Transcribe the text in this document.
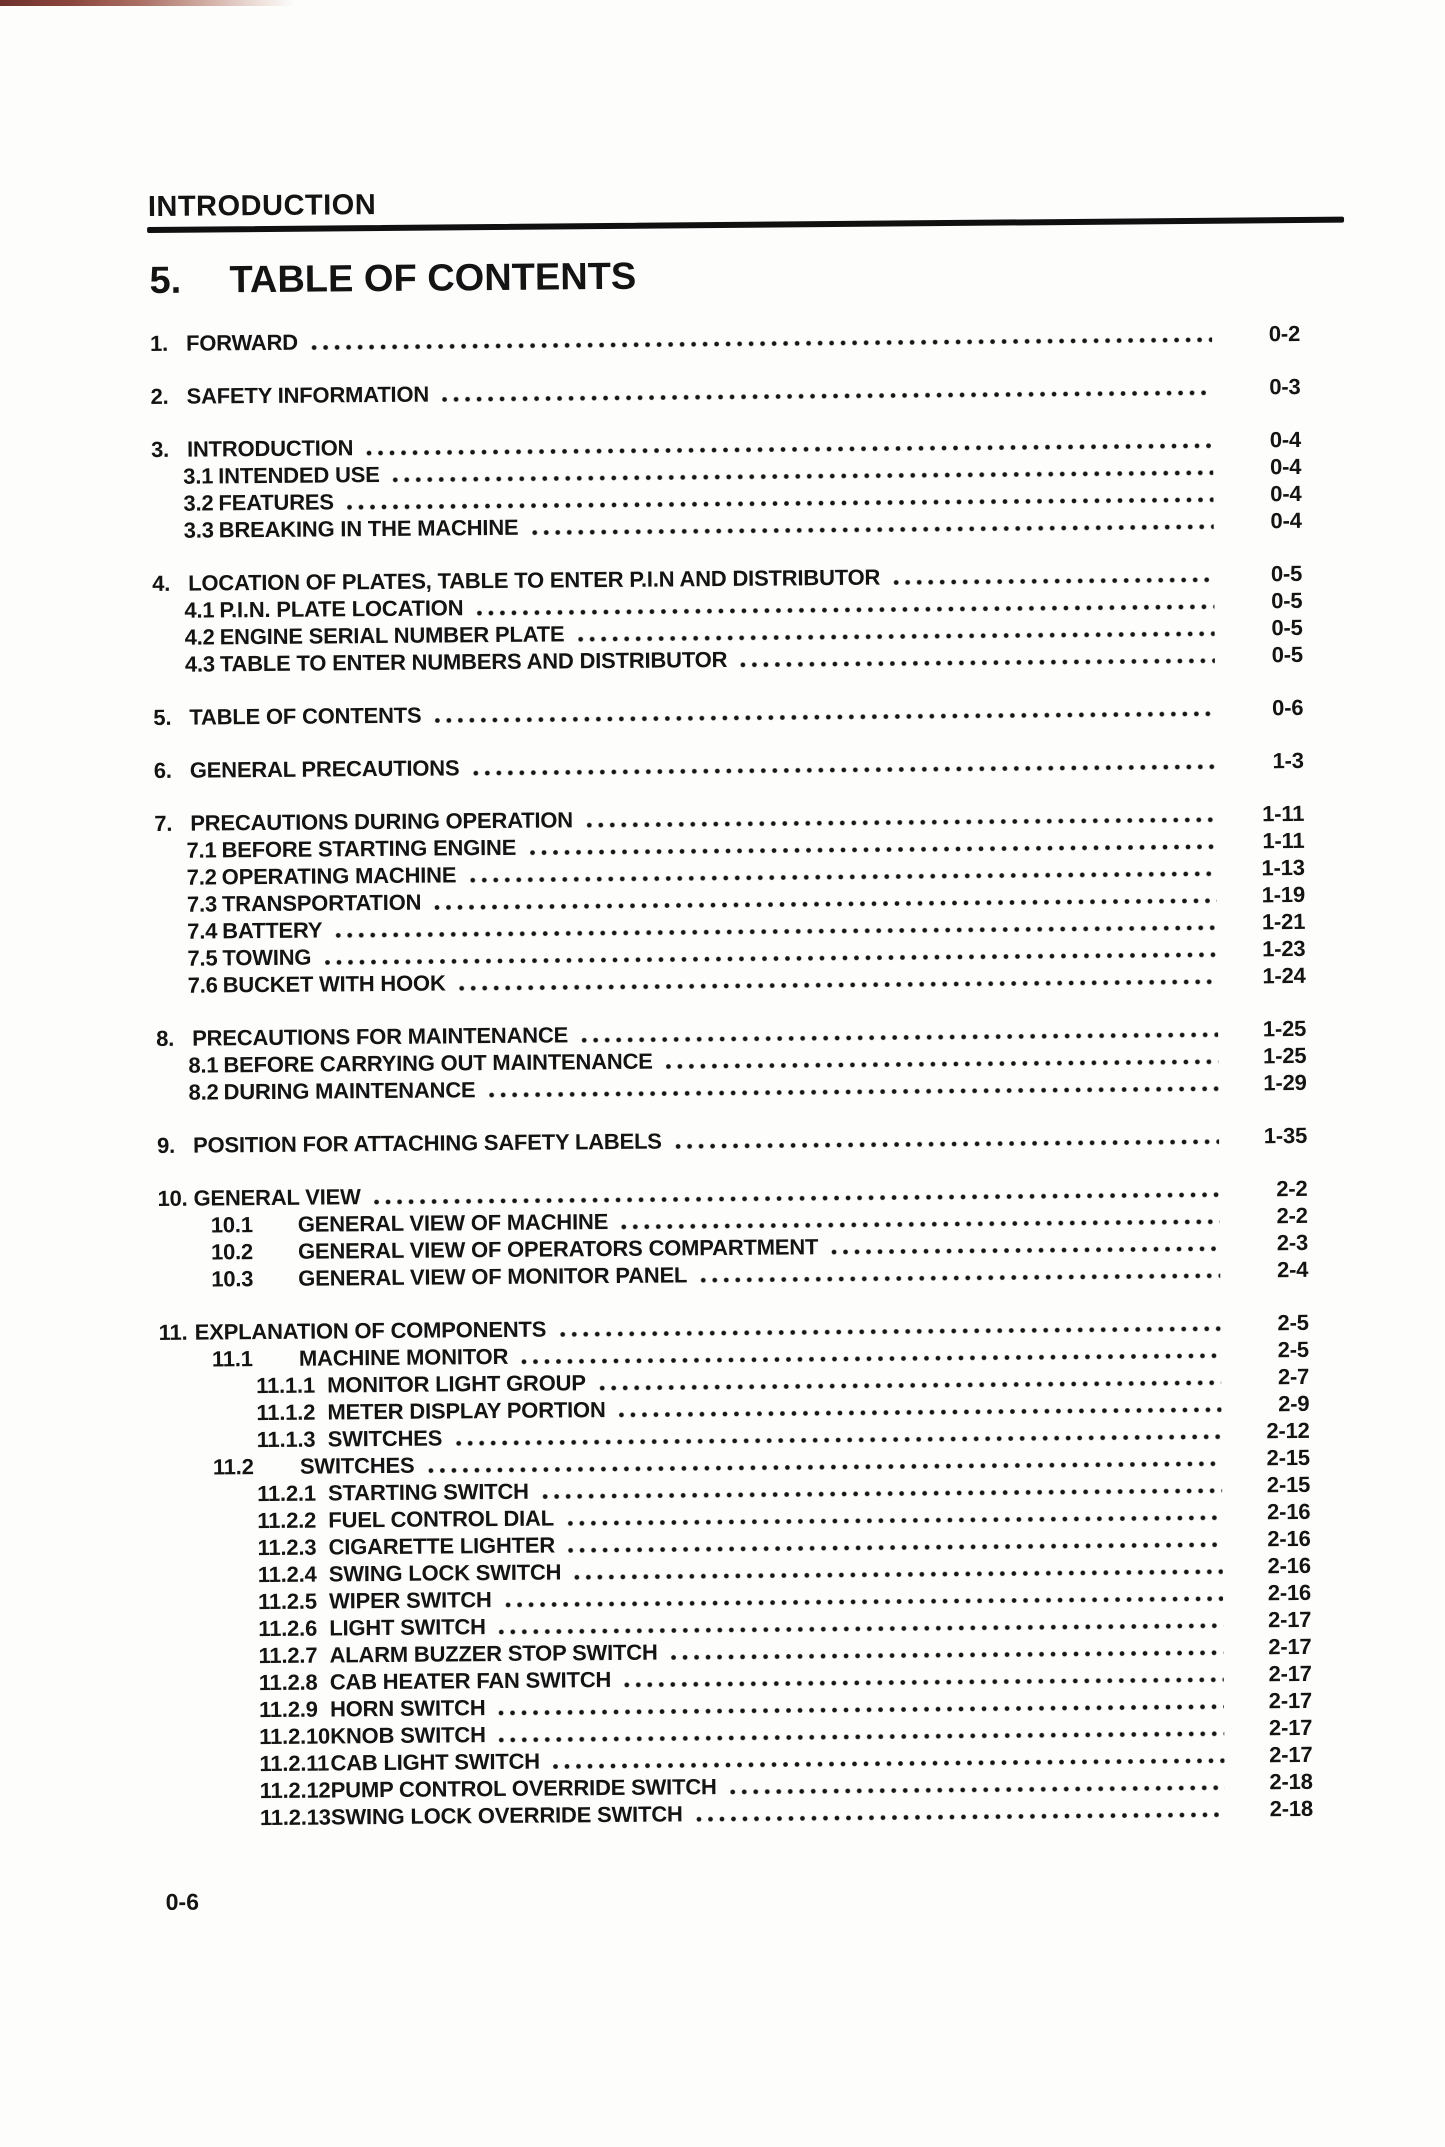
INTRODUCTION
5. TABLE OF CONTENTS
1. FORWARD	0-2
2. SAFETY INFORMATION	0-3
3. INTRODUCTION	0-4
3.1 INTENDED USE	0-4
3.2 FEATURES	0-4
3.3 BREAKING IN THE MACHINE	0-4
4. LOCATION OF PLATES, TABLE TO ENTER P.I.N AND DISTRIBUTOR	0-5
4.1 P.I.N. PLATE LOCATION	0-5
4.2 ENGINE SERIAL NUMBER PLATE	0-5
4.3 TABLE TO ENTER NUMBERS AND DISTRIBUTOR	0-5
5. TABLE OF CONTENTS	0-6
6. GENERAL PRECAUTIONS	1-3
7. PRECAUTIONS DURING OPERATION	1-11
7.1 BEFORE STARTING ENGINE	1-11
7.2 OPERATING MACHINE	1-13
7.3 TRANSPORTATION	1-19
7.4 BATTERY	1-21
7.5 TOWING	1-23
7.6 BUCKET WITH HOOK	1-24
8. PRECAUTIONS FOR MAINTENANCE	1-25
8.1 BEFORE CARRYING OUT MAINTENANCE	1-25
8.2 DURING MAINTENANCE	1-29
9. POSITION FOR ATTACHING SAFETY LABELS	1-35
10. GENERAL VIEW	2-2
10.1	GENERAL VIEW OF MACHINE	2-2
10.2	GENERAL VIEW OF OPERATORS COMPARTMENT	2-3
10.3	GENERAL VIEW OF MONITOR PANEL	2-4
11. EXPLANATION OF COMPONENTS	2-5
11.1	MACHINE MONITOR	2-5
11.1.1 MONITOR LIGHT GROUP	2-7
11.1.2 METER DISPLAY PORTION	2-9
11.1.3 SWITCHES	2-12
11.2	SWITCHES	2-15
11.2.1 STARTING SWITCH	2-15
11.2.2 FUEL CONTROL DIAL	2-16
11.2.3 CIGARETTE LIGHTER	2-16
11.2.4 SWING LOCK SWITCH	2-16
11.2.5 WIPER SWITCH	2-16
11.2.6 LIGHT SWITCH	2-17
11.2.7 ALARM BUZZER STOP SWITCH	2-17
11.2.8 CAB HEATER FAN SWITCH	2-17
11.2.9 HORN SWITCH	2-17
11.2.10 KNOB SWITCH	2-17
11.2.11 CAB LIGHT SWITCH	2-17
11.2.12 PUMP CONTROL OVERRIDE SWITCH	2-18
11.2.13 SWING LOCK OVERRIDE SWITCH	2-18
0-6
